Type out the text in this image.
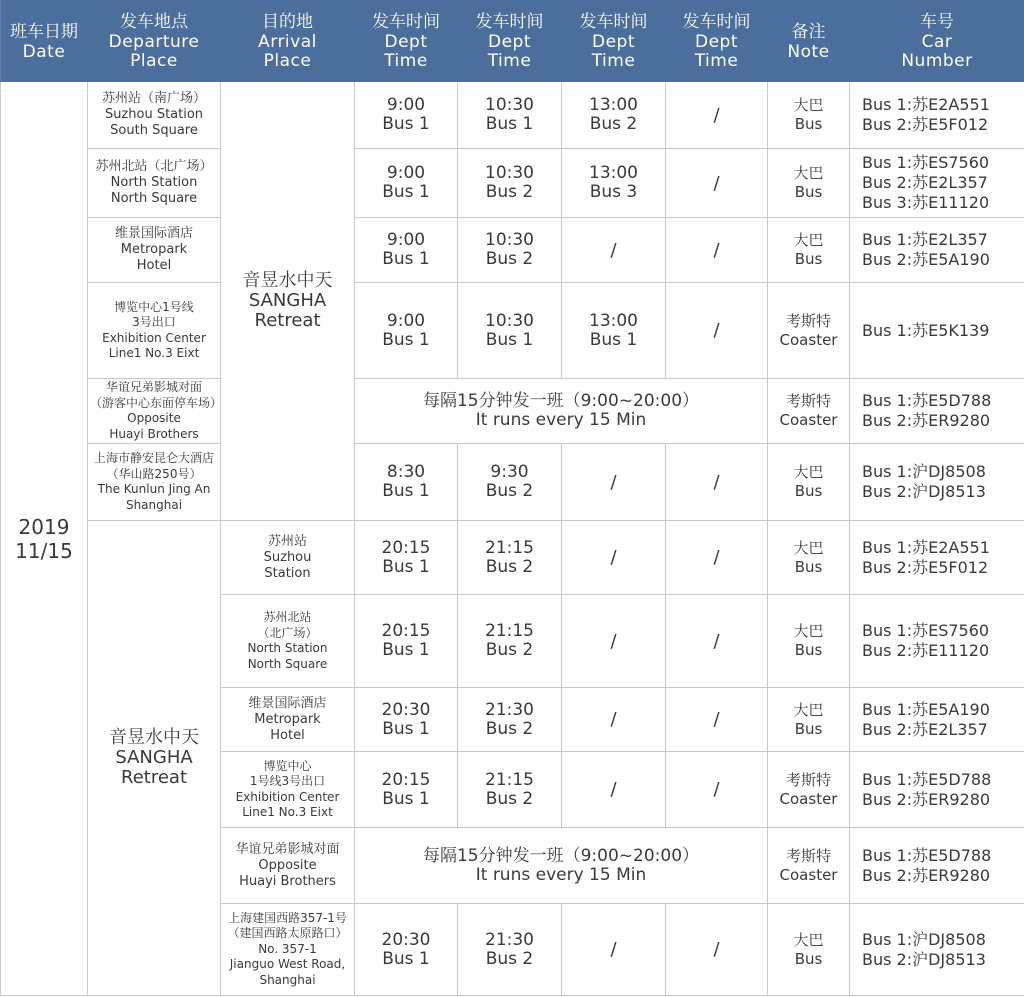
班车日期
Date	发车地点
Departure
Place	目的地
Arrival
Place	发车时间
Dept
Time	发车时间
Dept
Time	发车时间
Dept
Time	发车时间
Dept
Time	备注
Note	车号
Car
Number

2019
11/15	苏州站（南广场）
Suzhou Station
South Square	音昱水中天
SANGHA
Retreat	9:00
Bus 1	10:30
Bus 1	13:00
Bus 2	/	大巴
Bus	Bus 1:苏E2A551
Bus 2:苏E5F012

	苏州北站（北广场）
North Station
North Square		9:00
Bus 1	10:30
Bus 2	13:00
Bus 3	/	大巴
Bus	Bus 1:苏ES7560
Bus 2:苏E2L357
Bus 3:苏E11120

	维景国际酒店
Metropark
Hotel		9:00
Bus 1	10:30
Bus 2	/	/	大巴
Bus	Bus 1:苏E2L357
Bus 2:苏E5A190

	博览中心1号线
3号出口
Exhibition Center
Line1 No.3 Eixt		9:00
Bus 1	10:30
Bus 1	13:00
Bus 1	/	考斯特
Coaster	Bus 1:苏E5K139

	华谊兄弟影城对面
（游客中心东面停车场）
Opposite
Huayi Brothers		每隔15分钟发一班（9:00~20:00）
It runs every 15 Min				考斯特
Coaster	Bus 1:苏E5D788
Bus 2:苏ER9280

	上海市静安昆仑大酒店
（华山路250号）
The Kunlun Jing An
Shanghai		8:30
Bus 1	9:30
Bus 2	/	/	大巴
Bus	Bus 1:沪DJ8508
Bus 2:沪DJ8513

	音昱水中天
SANGHA
Retreat	苏州站
Suzhou
Station	20:15
Bus 1	21:15
Bus 2	/	/	大巴
Bus	Bus 1:苏E2A551
Bus 2:苏E5F012

		苏州北站
（北广场）
North Station
North Square	20:15
Bus 1	21:15
Bus 2	/	/	大巴
Bus	Bus 1:苏ES7560
Bus 2:苏E11120

		维景国际酒店
Metropark
Hotel	20:30
Bus 1	21:30
Bus 2	/	/	大巴
Bus	Bus 1:苏E5A190
Bus 2:苏E2L357

		博览中心
1号线3号出口
Exhibition Center
Line1 No.3 Eixt	20:15
Bus 1	21:15
Bus 2	/	/	考斯特
Coaster	Bus 1:苏E5D788
Bus 2:苏ER9280

		华谊兄弟影城对面
Opposite
Huayi Brothers	每隔15分钟发一班（9:00~20:00）
It runs every 15 Min				考斯特
Coaster	Bus 1:苏E5D788
Bus 2:苏ER9280

		上海建国西路357-1号
（建国西路太原路口）
No. 357-1
Jianguo West Road,
Shanghai	20:30
Bus 1	21:30
Bus 2	/	/	大巴
Bus	Bus 1:沪DJ8508
Bus 2:沪DJ8513
